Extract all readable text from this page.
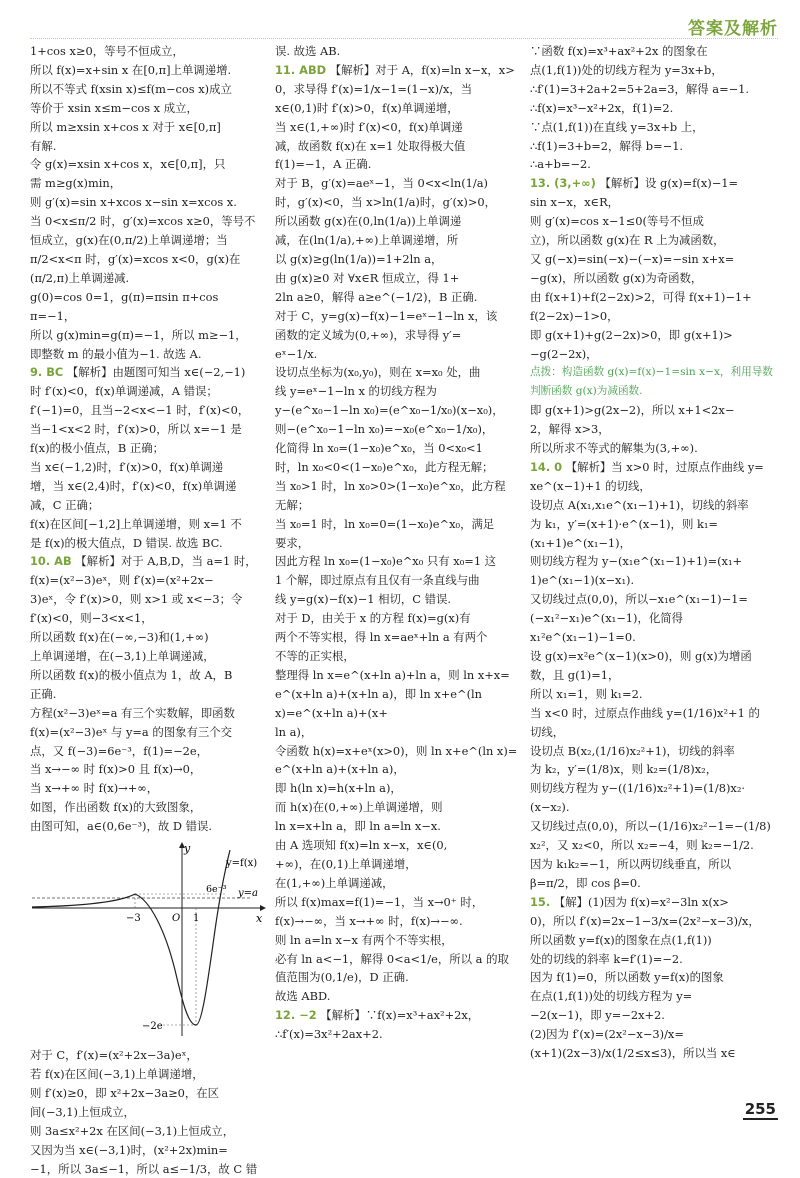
答案及解析

1+cos x≥0，等号不恒成立，

所以 f(x)=x+sin x 在[0,π]上单调递增.

所以不等式 f(xsin x)≤f(m−cos x)成立

等价于 xsin x≤m−cos x 成立，

所以 m≥xsin x+cos x 对于 x∈[0,π]

有解.

令 g(x)=xsin x+cos x，x∈[0,π]，只

需 m≥g(x)min，

则 g′(x)=sin x+xcos x−sin x=xcos x.

当 0<x≤π/2 时，g′(x)=xcos x≥0，等号不

恒成立，g(x)在(0,π/2)上单调递增；当

π/2<x<π 时，g′(x)=xcos x<0，g(x)在

(π/2,π)上单调递减.

g(0)=cos 0=1，g(π)=πsin π+cos π=−1，

所以 g(x)min=g(π)=−1，所以 m≥−1，

即整数 m 的最小值为−1. 故选 A.

9. BC 【解析】由题图可知当 x∈(−2,−1)

时 f′(x)<0，f(x)单调递减，A 错误；

f′(−1)=0，且当−2<x<−1 时，f′(x)<0，

当−1<x<2 时，f′(x)>0，所以 x=−1 是

f(x)的极小值点，B 正确；

当 x∈(−1,2)时，f′(x)>0，f(x)单调递

增，当 x∈(2,4)时，f′(x)<0，f(x)单调递

减，C 正确；

f(x)在区间[−1,2]上单调递增，则 x=1 不

是 f(x)的极大值点，D 错误. 故选 BC.

10. AB 【解析】对于 A,B,D，当 a=1 时，

f(x)=(x²−3)eˣ，则 f′(x)=(x²+2x−

3)eˣ，令 f′(x)>0，则 x>1 或 x<−3；令

f′(x)<0，则−3<x<1，

所以函数 f(x)在(−∞,−3)和(1,+∞)

上单调递增，在(−3,1)上单调递减，

所以函数 f(x)的极小值点为 1，故 A，B

正确.

方程(x²−3)eˣ=a 有三个实数解，即函数

f(x)=(x²−3)eˣ 与 y=a 的图象有三个交

点，又 f(−3)=6e⁻³，f(1)=−2e，

当 x→−∞ 时 f(x)>0 且 f(x)→0，

当 x→+∞ 时 f(x)→+∞，

如图，作出函数 f(x)的大致图象，

由图可知，a∈(0,6e⁻³)，故 D 错误.

y
x
y=f(x)
y=a
6e⁻³
−2e
−3	O 1

对于 C，f′(x)=(x²+2x−3a)eˣ，

若 f(x)在区间(−3,1)上单调递增，

则 f′(x)≥0，即 x²+2x−3a≥0，在区

间(−3,1)上恒成立，

则 3a≤x²+2x 在区间(−3,1)上恒成立，

又因为当 x∈(−3,1)时，(x²+2x)min=

−1，所以 3a≤−1，所以 a≤−1/3，故 C 错

误. 故选 AB.

11. ABD 【解析】对于 A，f(x)=ln x−x，x>

0，求导得 f′(x)=1/x−1=(1−x)/x，当

x∈(0,1)时 f′(x)>0，f(x)单调递增，

当 x∈(1,+∞)时 f′(x)<0，f(x)单调递

减，故函数 f(x)在 x=1 处取得极大值

f(1)=−1，A 正确.

对于 B，g′(x)=aeˣ−1，当 0<x<ln(1/a)

时，g′(x)<0，当 x>ln(1/a)时，g′(x)>0，

所以函数 g(x)在(0,ln(1/a))上单调递

减，在(ln(1/a),+∞)上单调递增，所

以 g(x)≥g(ln(1/a))=1+2ln a，

由 g(x)≥0 对 ∀x∈R 恒成立，得 1+

2ln a≥0，解得 a≥e^(−1/2)，B 正确.

对于 C，y=g(x)−f(x)−1=eˣ−1−ln x，该

函数的定义域为(0,+∞)，求导得 y′=

eˣ−1/x.

设切点坐标为(x₀,y₀)，则在 x=x₀ 处，曲

线 y=eˣ−1−ln x 的切线方程为

y−(e^x₀−1−ln x₀)=(e^x₀−1/x₀)(x−x₀)，

则−(e^x₀−1−ln x₀)=−x₀(e^x₀−1/x₀)，

化简得 ln x₀=(1−x₀)e^x₀，当 0<x₀<1

时，ln x₀<0<(1−x₀)e^x₀，此方程无解；

当 x₀>1 时，ln x₀>0>(1−x₀)e^x₀，此方程

无解；

当 x₀=1 时，ln x₀=0=(1−x₀)e^x₀，满足

要求，

因此方程 ln x₀=(1−x₀)e^x₀ 只有 x₀=1 这

1 个解，即过原点有且仅有一条直线与曲

线 y=g(x)−f(x)−1 相切，C 错误.

对于 D，由关于 x 的方程 f(x)=g(x)有

两个不等实根，得 ln x=aeˣ+ln a 有两个

不等的正实根，

整理得 ln x=e^(x+ln a)+ln a，则 ln x+x=

e^(x+ln a)+(x+ln a)，即 ln x+e^(ln x)=e^(x+ln a)+(x+

ln a)，

令函数 h(x)=x+eˣ(x>0)，则 ln x+e^(ln x)=

e^(x+ln a)+(x+ln a)，

即 h(ln x)=h(x+ln a)，

而 h(x)在(0,+∞)上单调递增，则

ln x=x+ln a，即 ln a=ln x−x.

由 A 选项知 f(x)=ln x−x，x∈(0,

+∞)，在(0,1)上单调递增，

在(1,+∞)上单调递减，

所以 f(x)max=f(1)=−1，当 x→0⁺ 时，

f(x)→−∞，当 x→+∞ 时，f(x)→−∞.

则 ln a=ln x−x 有两个不等实根，

必有 ln a<−1，解得 0<a<1/e，所以 a 的取

值范围为(0,1/e)，D 正确.

故选 ABD.

12. −2 【解析】∵f(x)=x³+ax²+2x，

∴f′(x)=3x²+2ax+2.

∵函数 f(x)=x³+ax²+2x 的图象在

点(1,f(1))处的切线方程为 y=3x+b，

∴f′(1)=3+2a+2=5+2a=3，解得 a=−1.

∴f(x)=x³−x²+2x，f(1)=2.

∵点(1,f(1))在直线 y=3x+b 上，

∴f(1)=3+b=2，解得 b=−1.

∴a+b=−2.

13. (3,+∞) 【解析】设 g(x)=f(x)−1=

sin x−x，x∈R，

则 g′(x)=cos x−1≤0(等号不恒成

立)，所以函数 g(x)在 R 上为减函数，

又 g(−x)=sin(−x)−(−x)=−sin x+x=

−g(x)，所以函数 g(x)为奇函数，

由 f(x+1)+f(2−2x)>2，可得 f(x+1)−1+

f(2−2x)−1>0，

即 g(x+1)+g(2−2x)>0，即 g(x+1)>

−g(2−2x)，

点拨：构造函数 g(x)=f(x)−1=sin x−x，利用导数判断函数 g(x)为减函数.

即 g(x+1)>g(2x−2)，所以 x+1<2x−

2，解得 x>3，

所以所求不等式的解集为(3,+∞).

14. 0 【解析】当 x>0 时，过原点作曲线 y=

xe^(x−1)+1 的切线，

设切点 A(x₁,x₁e^(x₁−1)+1)，切线的斜率

为 k₁，y′=(x+1)·e^(x−1)，则 k₁=

(x₁+1)e^(x₁−1)，

则切线方程为 y−(x₁e^(x₁−1)+1)=(x₁+

1)e^(x₁−1)(x−x₁).

又切线过点(0,0)，所以−x₁e^(x₁−1)−1=

(−x₁²−x₁)e^(x₁−1)，化简得 x₁²e^(x₁−1)−1=0.

设 g(x)=x²e^(x−1)(x>0)，则 g(x)为增函

数，且 g(1)=1，

所以 x₁=1，则 k₁=2.

当 x<0 时，过原点作曲线 y=(1/16)x²+1 的

切线，

设切点 B(x₂,(1/16)x₂²+1)，切线的斜率

为 k₂，y′=(1/8)x，则 k₂=(1/8)x₂，

则切线方程为 y−((1/16)x₂²+1)=(1/8)x₂·

(x−x₂).

又切线过点(0,0)，所以−(1/16)x₂²−1=−(1/8)

x₂²，又 x₂<0，所以 x₂=−4，则 k₂=−1/2.

因为 k₁k₂=−1，所以两切线垂直，所以

β=π/2，即 cos β=0.

15. 【解】(1)因为 f(x)=x²−3ln x(x>

0)，所以 f′(x)=2x−1−3/x=(2x²−x−3)/x，

所以函数 y=f(x)的图象在点(1,f(1))

处的切线的斜率 k=f′(1)=−2.

因为 f(1)=0，所以函数 y=f(x)的图象

在点(1,f(1))处的切线方程为 y=

−2(x−1)，即 y=−2x+2.

(2)因为 f′(x)=(2x²−x−3)/x=

(x+1)(2x−3)/x(1/2≤x≤3)，所以当 x∈

255
